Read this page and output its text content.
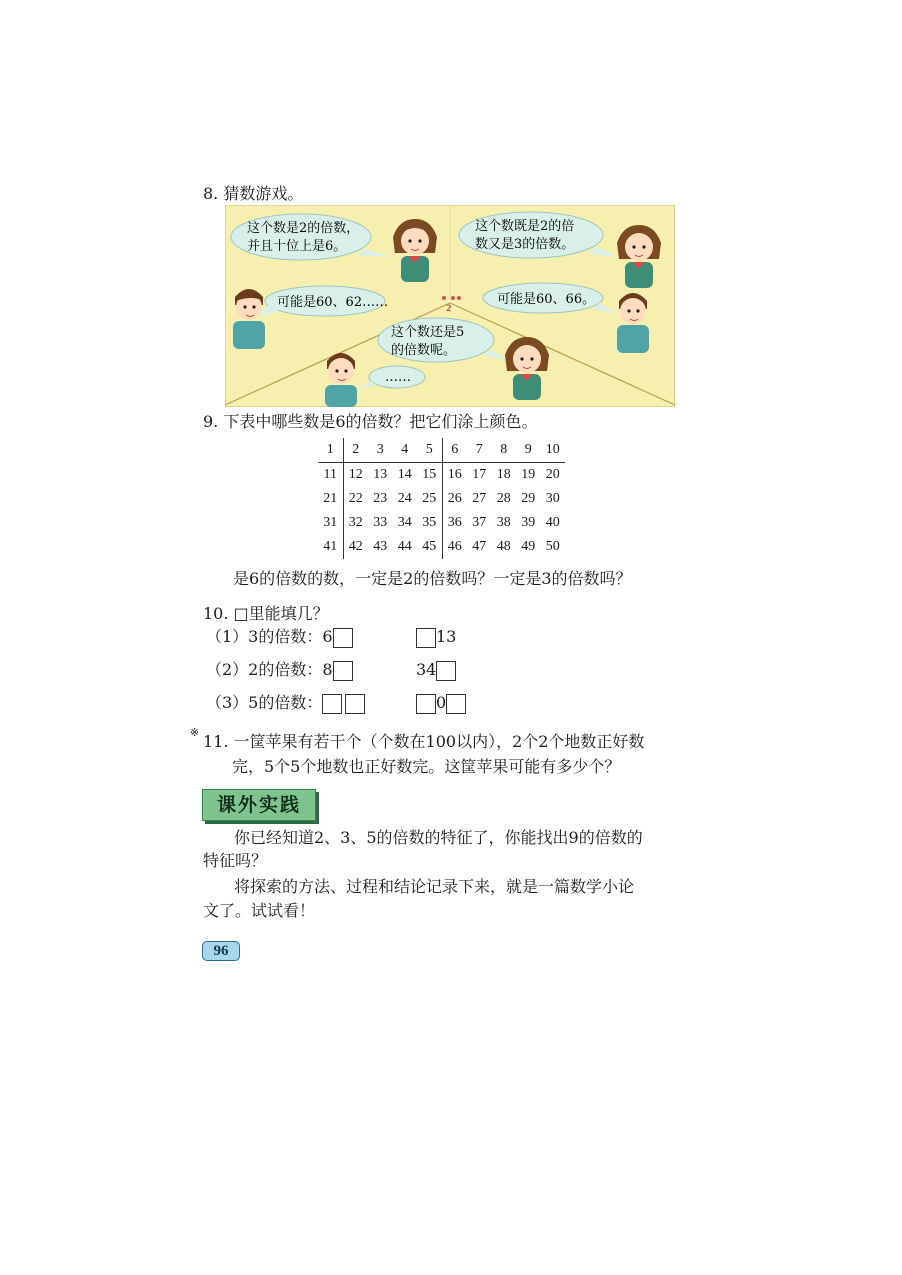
8. 猜数游戏。
2
这个数是2的倍数，
并且十位上是6。
这个数既是2的倍
数又是3的倍数。
可能是60、62……	可能是60、66。
这个数还是5
的倍数呢。
……
9. 下表中哪些数是6的倍数？把它们涂上颜色。
1	2	3	4	5	6	7	8	9	10
11	12	13	14	15	16	17	18	19	20
21	22	23	24	25	26	27	28	29	30
31	32	33	34	35	36	37	38	39	40
41	42	43	44	45	46	47	48	49	50
是6的倍数的数，一定是2的倍数吗？一定是3的倍数吗？
10. □里能填几？
（1）3的倍数：6	13
（2）2的倍数：8	34
（3）5的倍数：	0
※ 11. 一筐苹果有若干个（个数在100以内），2个2个地数正好数
完，5个5个地数也正好数完。这筐苹果可能有多少个？
课外实践
你已经知道2、3、5的倍数的特征了，你能找出9的倍数的
特征吗？
将探索的方法、过程和结论记录下来，就是一篇数学小论
文了。试试看！
96
